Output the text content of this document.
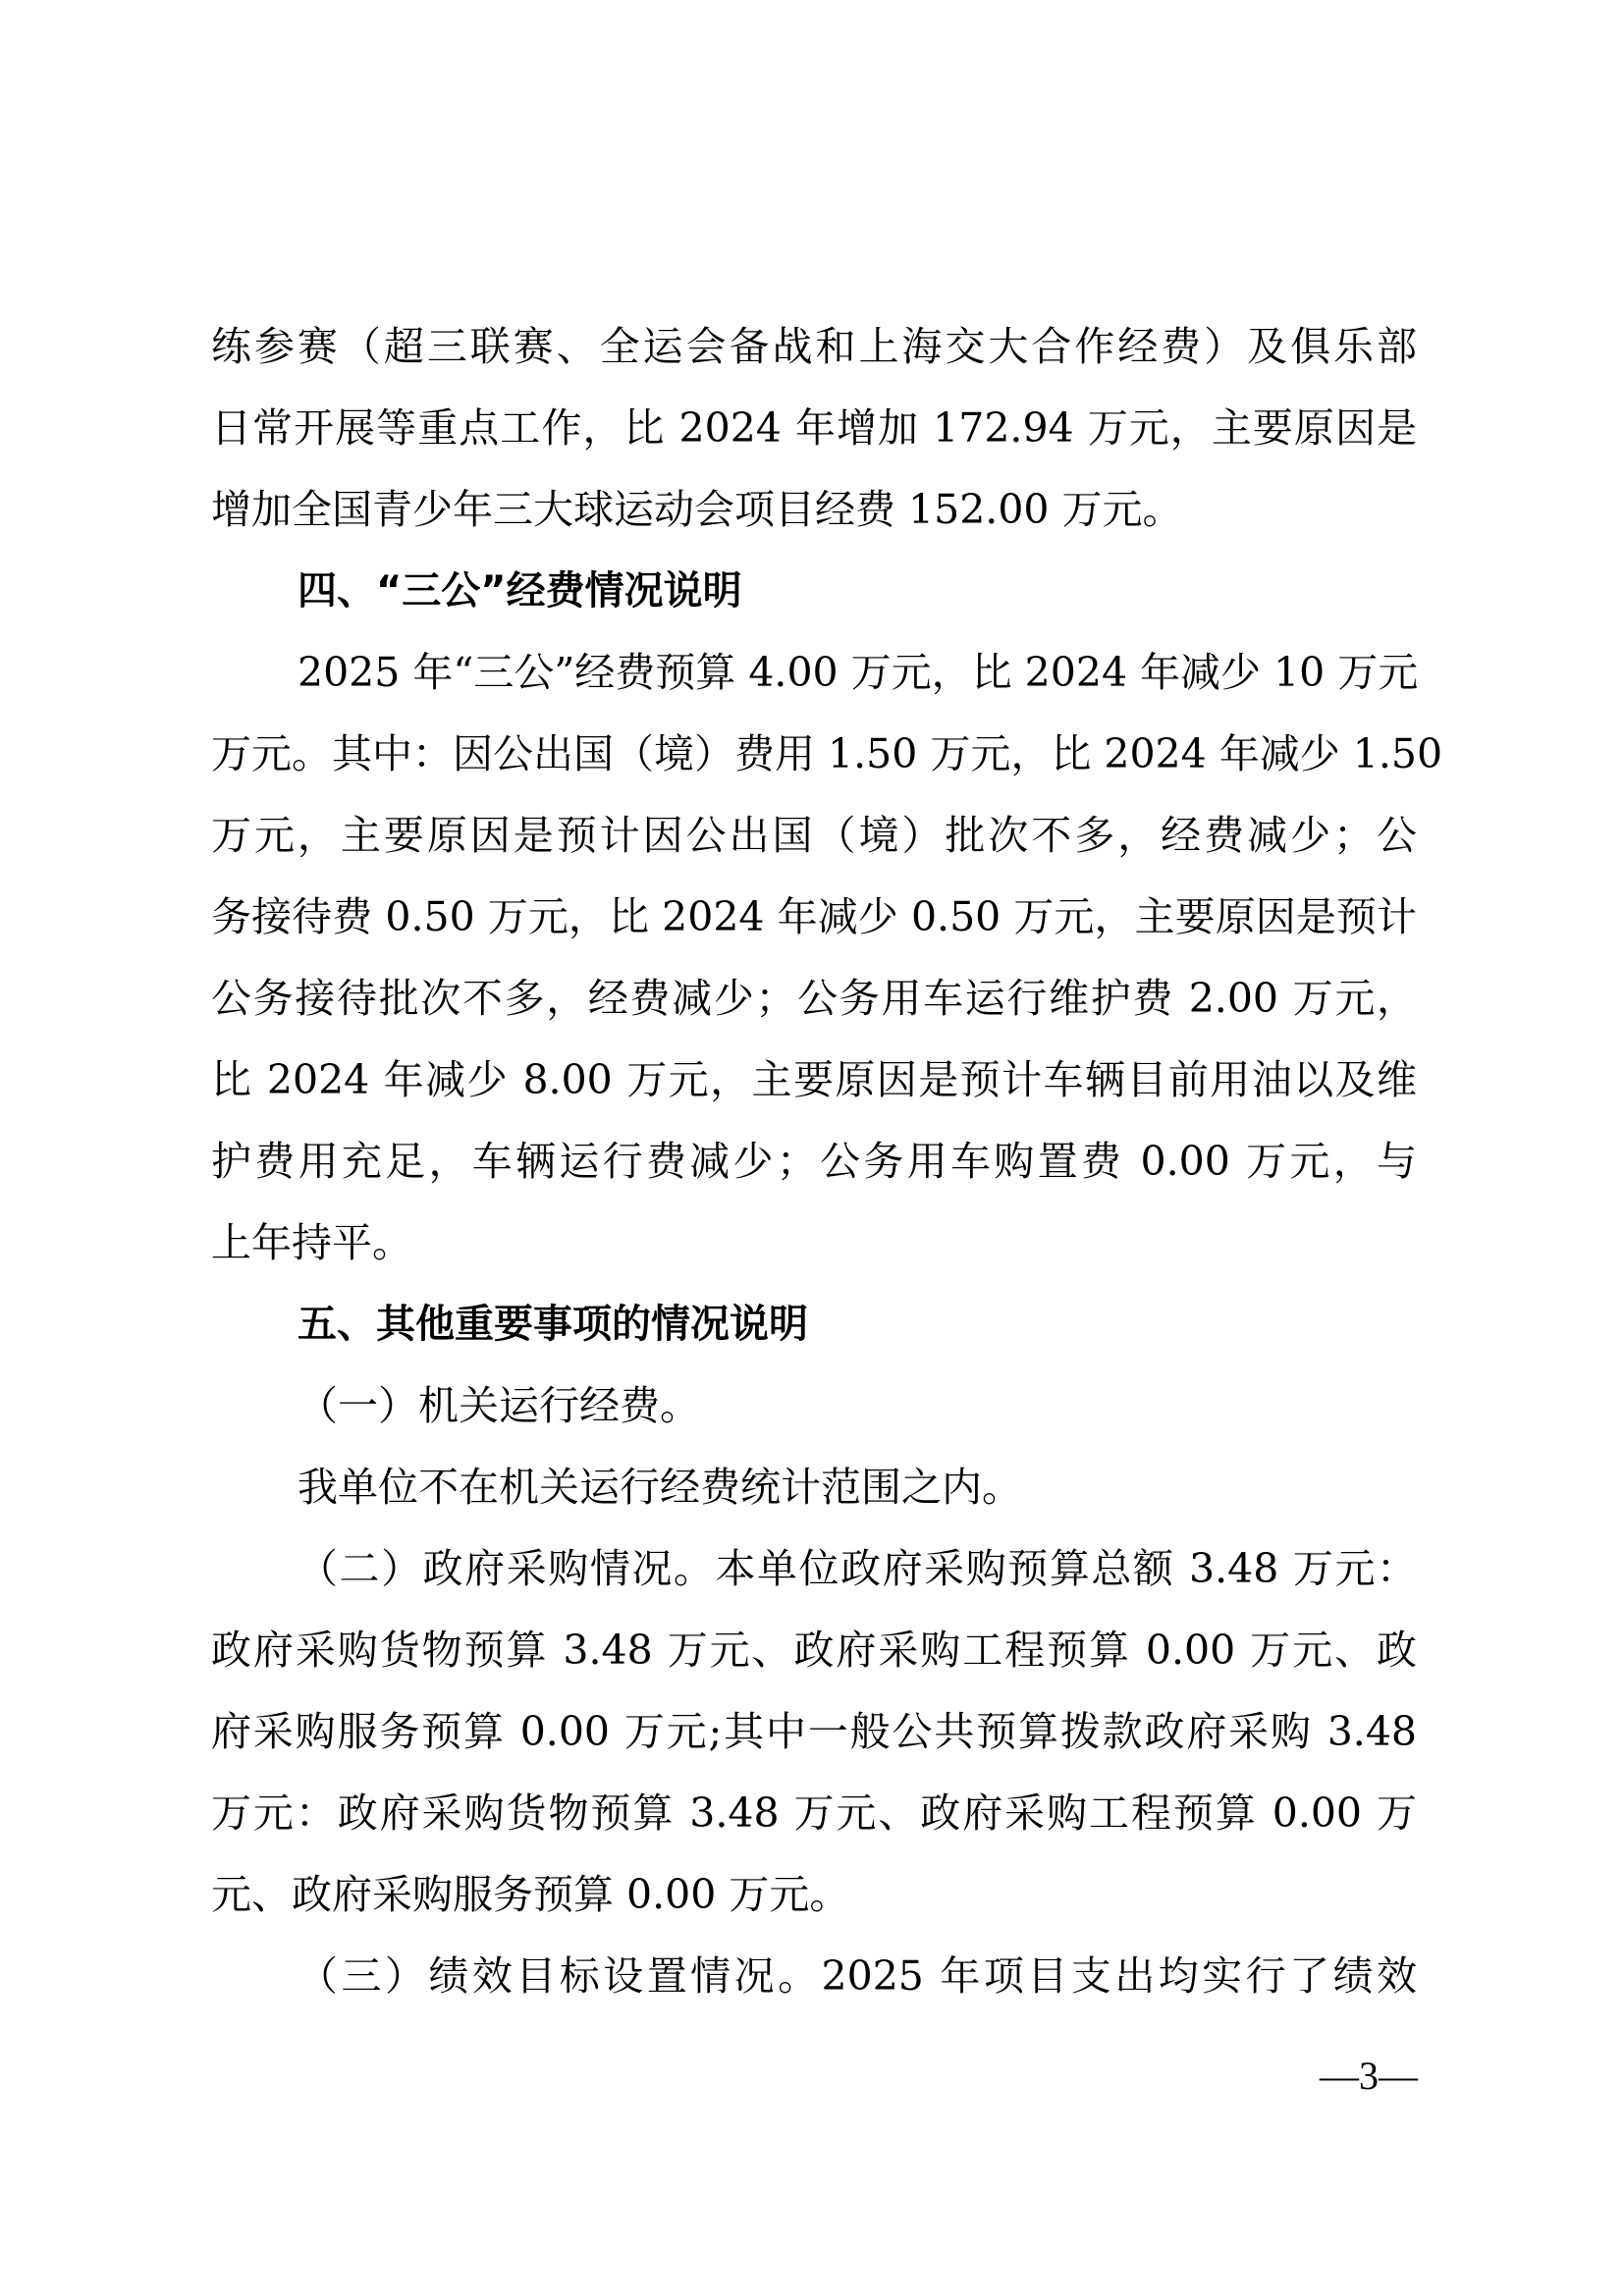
练参赛（超三联赛、全运会备战和上海交大合作经费）及俱乐部
日常开展等重点工作，比 2024 年增加 172.94 万元，主要原因是
增加全国青少年三大球运动会项目经费 152.00 万元。
四、“三公”经费情况说明
2025 年“三公”经费预算 4.00 万元，比 2024 年减少 10 万元
万元。其中：因公出国（境）费用 1.50 万元，比 2024 年减少 1.50
万元，主要原因是预计因公出国（境）批次不多，经费减少；公
务接待费 0.50 万元，比 2024 年减少 0.50 万元，主要原因是预计
公务接待批次不多，经费减少；公务用车运行维护费 2.00 万元，
比 2024 年减少 8.00 万元，主要原因是预计车辆目前用油以及维
护费用充足，车辆运行费减少；公务用车购置费 0.00 万元，与
上年持平。
五、其他重要事项的情况说明
（一）机关运行经费。
我单位不在机关运行经费统计范围之内。
（二）政府采购情况。本单位政府采购预算总额 3.48 万元：
政府采购货物预算 3.48 万元、政府采购工程预算 0.00 万元、政
府采购服务预算 0.00 万元;其中一般公共预算拨款政府采购 3.48
万元：政府采购货物预算 3.48 万元、政府采购工程预算 0.00 万
元、政府采购服务预算 0.00 万元。
（三）绩效目标设置情况。2025 年项目支出均实行了绩效
—3—
